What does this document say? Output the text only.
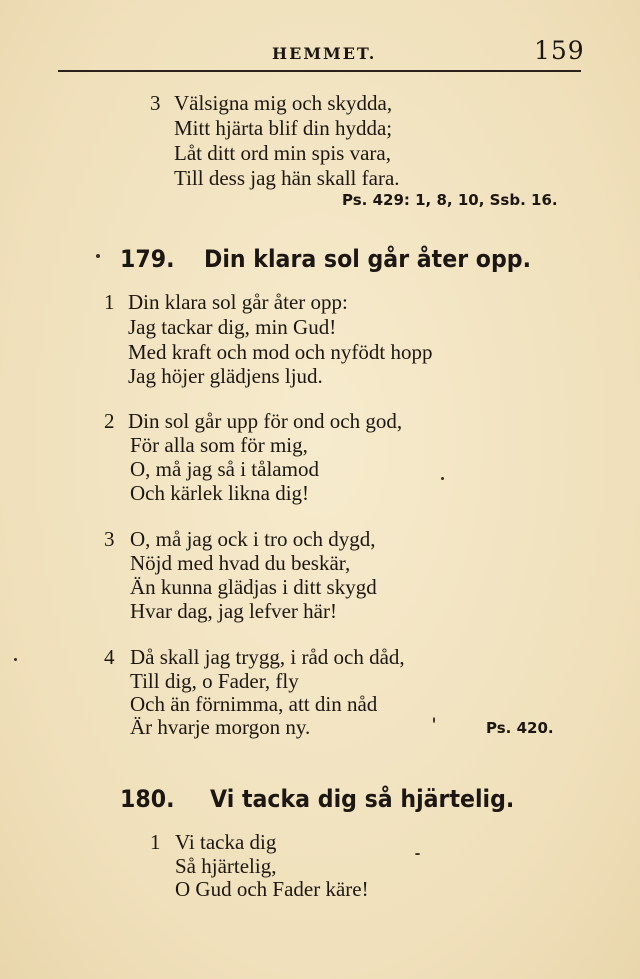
HEMMET.	159
3 Välsigna mig och skydda,
Mitt hjärta blif din hydda;
Låt ditt ord min spis vara,
Till dess jag hän skall fara.
Ps. 429: 1, 8, 10, Ssb. 16.
179. Din klara sol går åter opp.
1 Din klara sol går åter opp:
Jag tackar dig, min Gud!
Med kraft och mod och nyfödt hopp
Jag höjer glädjens ljud.
2 Din sol går upp för ond och god,
För alla som för mig,
O, må jag så i tålamod
Och kärlek likna dig!
3 O, må jag ock i tro och dygd,
Nöjd med hvad du beskär,
Än kunna glädjas i ditt skygd
Hvar dag, jag lefver här!
4 Då skall jag trygg, i råd och dåd,
Till dig, o Fader, fly
Och än förnimma, att din nåd
Är hvarje morgon ny.	Ps. 420.
180. Vi tacka dig så hjärtelig.
1 Vi tacka dig
Så hjärtelig,
O Gud och Fader käre!
